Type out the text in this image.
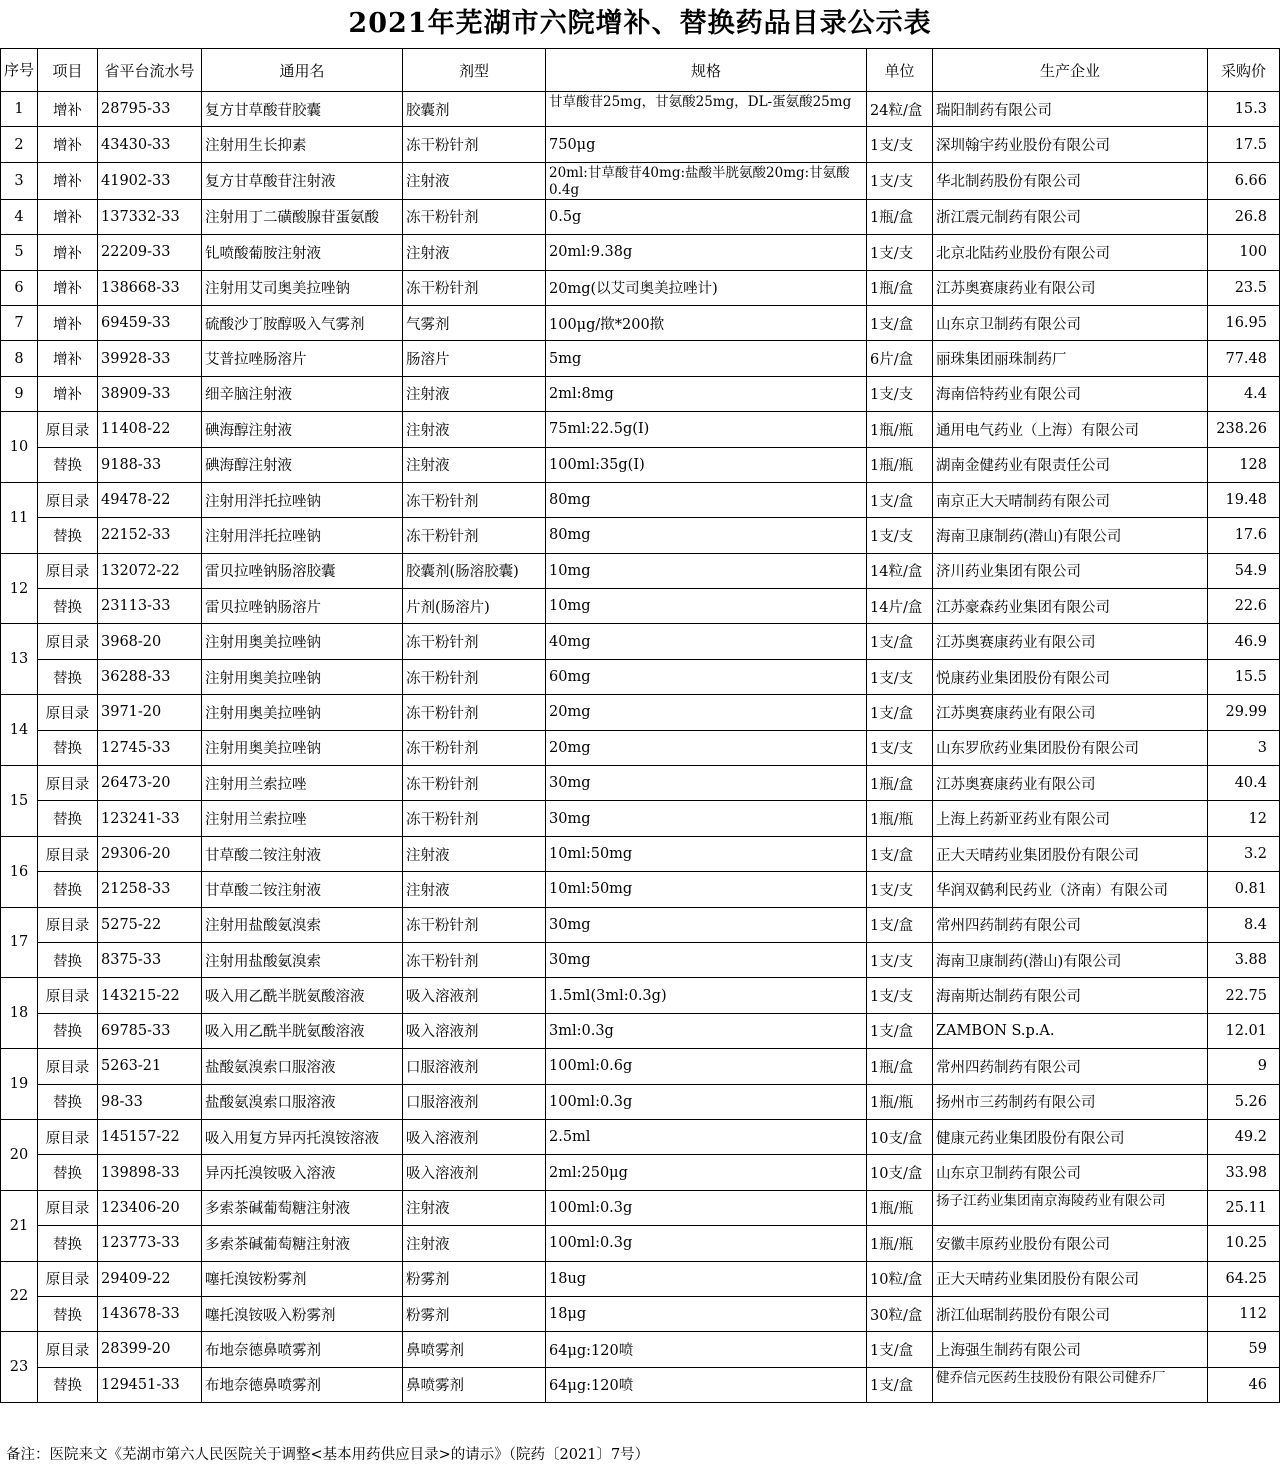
2021年芜湖市六院增补、替换药品目录公示表
序号	项目	省平台流水号	通用名	剂型	规格	单位	生产企业	采购价
1	增补	28795-33	复方甘草酸苷胶囊	胶囊剂	甘草酸苷25mg，甘氨酸25mg，DL-蛋氨酸25mg	24粒/盒	瑞阳制药有限公司	15.3
2	增补	43430-33	注射用生长抑素	冻干粉针剂	750μg	1支/支	深圳翰宇药业股份有限公司	17.5
3	增补	41902-33	复方甘草酸苷注射液	注射液	20ml:甘草酸苷40mg:盐酸半胱氨酸20mg:甘氨酸0.4g	1支/支	华北制药股份有限公司	6.66
4	增补	137332-33	注射用丁二磺酸腺苷蛋氨酸	冻干粉针剂	0.5g	1瓶/盒	浙江震元制药有限公司	26.8
5	增补	22209-33	钆喷酸葡胺注射液	注射液	20ml:9.38g	1支/支	北京北陆药业股份有限公司	100
6	增补	138668-33	注射用艾司奥美拉唑钠	冻干粉针剂	20mg(以艾司奥美拉唑计)	1瓶/盒	江苏奥赛康药业有限公司	23.5
7	增补	69459-33	硫酸沙丁胺醇吸入气雾剂	气雾剂	100μg/揿*200揿	1支/盒	山东京卫制药有限公司	16.95
8	增补	39928-33	艾普拉唑肠溶片	肠溶片	5mg	6片/盒	丽珠集团丽珠制药厂	77.48
9	增补	38909-33	细辛脑注射液	注射液	2ml:8mg	1支/支	海南倍特药业有限公司	4.4
10	原目录	11408-22	碘海醇注射液	注射液	75ml:22.5g(I)	1瓶/瓶	通用电气药业（上海）有限公司	238.26
	替换	9188-33	碘海醇注射液	注射液	100ml:35g(I)	1瓶/瓶	湖南金健药业有限责任公司	128
11	原目录	49478-22	注射用泮托拉唑钠	冻干粉针剂	80mg	1支/盒	南京正大天晴制药有限公司	19.48
	替换	22152-33	注射用泮托拉唑钠	冻干粉针剂	80mg	1支/支	海南卫康制药(潜山)有限公司	17.6
12	原目录	132072-22	雷贝拉唑钠肠溶胶囊	胶囊剂(肠溶胶囊)	10mg	14粒/盒	济川药业集团有限公司	54.9
	替换	23113-33	雷贝拉唑钠肠溶片	片剂(肠溶片)	10mg	14片/盒	江苏豪森药业集团有限公司	22.6
13	原目录	3968-20	注射用奥美拉唑钠	冻干粉针剂	40mg	1支/盒	江苏奥赛康药业有限公司	46.9
	替换	36288-33	注射用奥美拉唑钠	冻干粉针剂	60mg	1支/支	悦康药业集团股份有限公司	15.5
14	原目录	3971-20	注射用奥美拉唑钠	冻干粉针剂	20mg	1支/盒	江苏奥赛康药业有限公司	29.99
	替换	12745-33	注射用奥美拉唑钠	冻干粉针剂	20mg	1支/支	山东罗欣药业集团股份有限公司	3
15	原目录	26473-20	注射用兰索拉唑	冻干粉针剂	30mg	1瓶/盒	江苏奥赛康药业有限公司	40.4
	替换	123241-33	注射用兰索拉唑	冻干粉针剂	30mg	1瓶/瓶	上海上药新亚药业有限公司	12
16	原目录	29306-20	甘草酸二铵注射液	注射液	10ml:50mg	1支/盒	正大天晴药业集团股份有限公司	3.2
	替换	21258-33	甘草酸二铵注射液	注射液	10ml:50mg	1支/支	华润双鹤利民药业（济南）有限公司	0.81
17	原目录	5275-22	注射用盐酸氨溴索	冻干粉针剂	30mg	1支/盒	常州四药制药有限公司	8.4
	替换	8375-33	注射用盐酸氨溴索	冻干粉针剂	30mg	1支/支	海南卫康制药(潜山)有限公司	3.88
18	原目录	143215-22	吸入用乙酰半胱氨酸溶液	吸入溶液剂	1.5ml(3ml:0.3g)	1支/支	海南斯达制药有限公司	22.75
	替换	69785-33	吸入用乙酰半胱氨酸溶液	吸入溶液剂	3ml:0.3g	1支/盒	ZAMBON S.p.A.	12.01
19	原目录	5263-21	盐酸氨溴索口服溶液	口服溶液剂	100ml:0.6g	1瓶/盒	常州四药制药有限公司	9
	替换	98-33	盐酸氨溴索口服溶液	口服溶液剂	100ml:0.3g	1瓶/瓶	扬州市三药制药有限公司	5.26
20	原目录	145157-22	吸入用复方异丙托溴铵溶液	吸入溶液剂	2.5ml	10支/盒	健康元药业集团股份有限公司	49.2
	替换	139898-33	异丙托溴铵吸入溶液	吸入溶液剂	2ml:250μg	10支/盒	山东京卫制药有限公司	33.98
21	原目录	123406-20	多索茶碱葡萄糖注射液	注射液	100ml:0.3g	1瓶/瓶	扬子江药业集团南京海陵药业有限公司	25.11
	替换	123773-33	多索茶碱葡萄糖注射液	注射液	100ml:0.3g	1瓶/瓶	安徽丰原药业股份有限公司	10.25
22	原目录	29409-22	噻托溴铵粉雾剂	粉雾剂	18ug	10粒/盒	正大天晴药业集团股份有限公司	64.25
	替换	143678-33	噻托溴铵吸入粉雾剂	粉雾剂	18μg	30粒/盒	浙江仙琚制药股份有限公司	112
23	原目录	28399-20	布地奈德鼻喷雾剂	鼻喷雾剂	64μg:120喷	1支/盒	上海强生制药有限公司	59
	替换	129451-33	布地奈德鼻喷雾剂	鼻喷雾剂	64μg:120喷	1支/盒	健乔信元医药生技股份有限公司健乔厂	46
备注：医院来文《芜湖市第六人民医院关于调整<基本用药供应目录>的请示》（院药〔2021〕7号）
